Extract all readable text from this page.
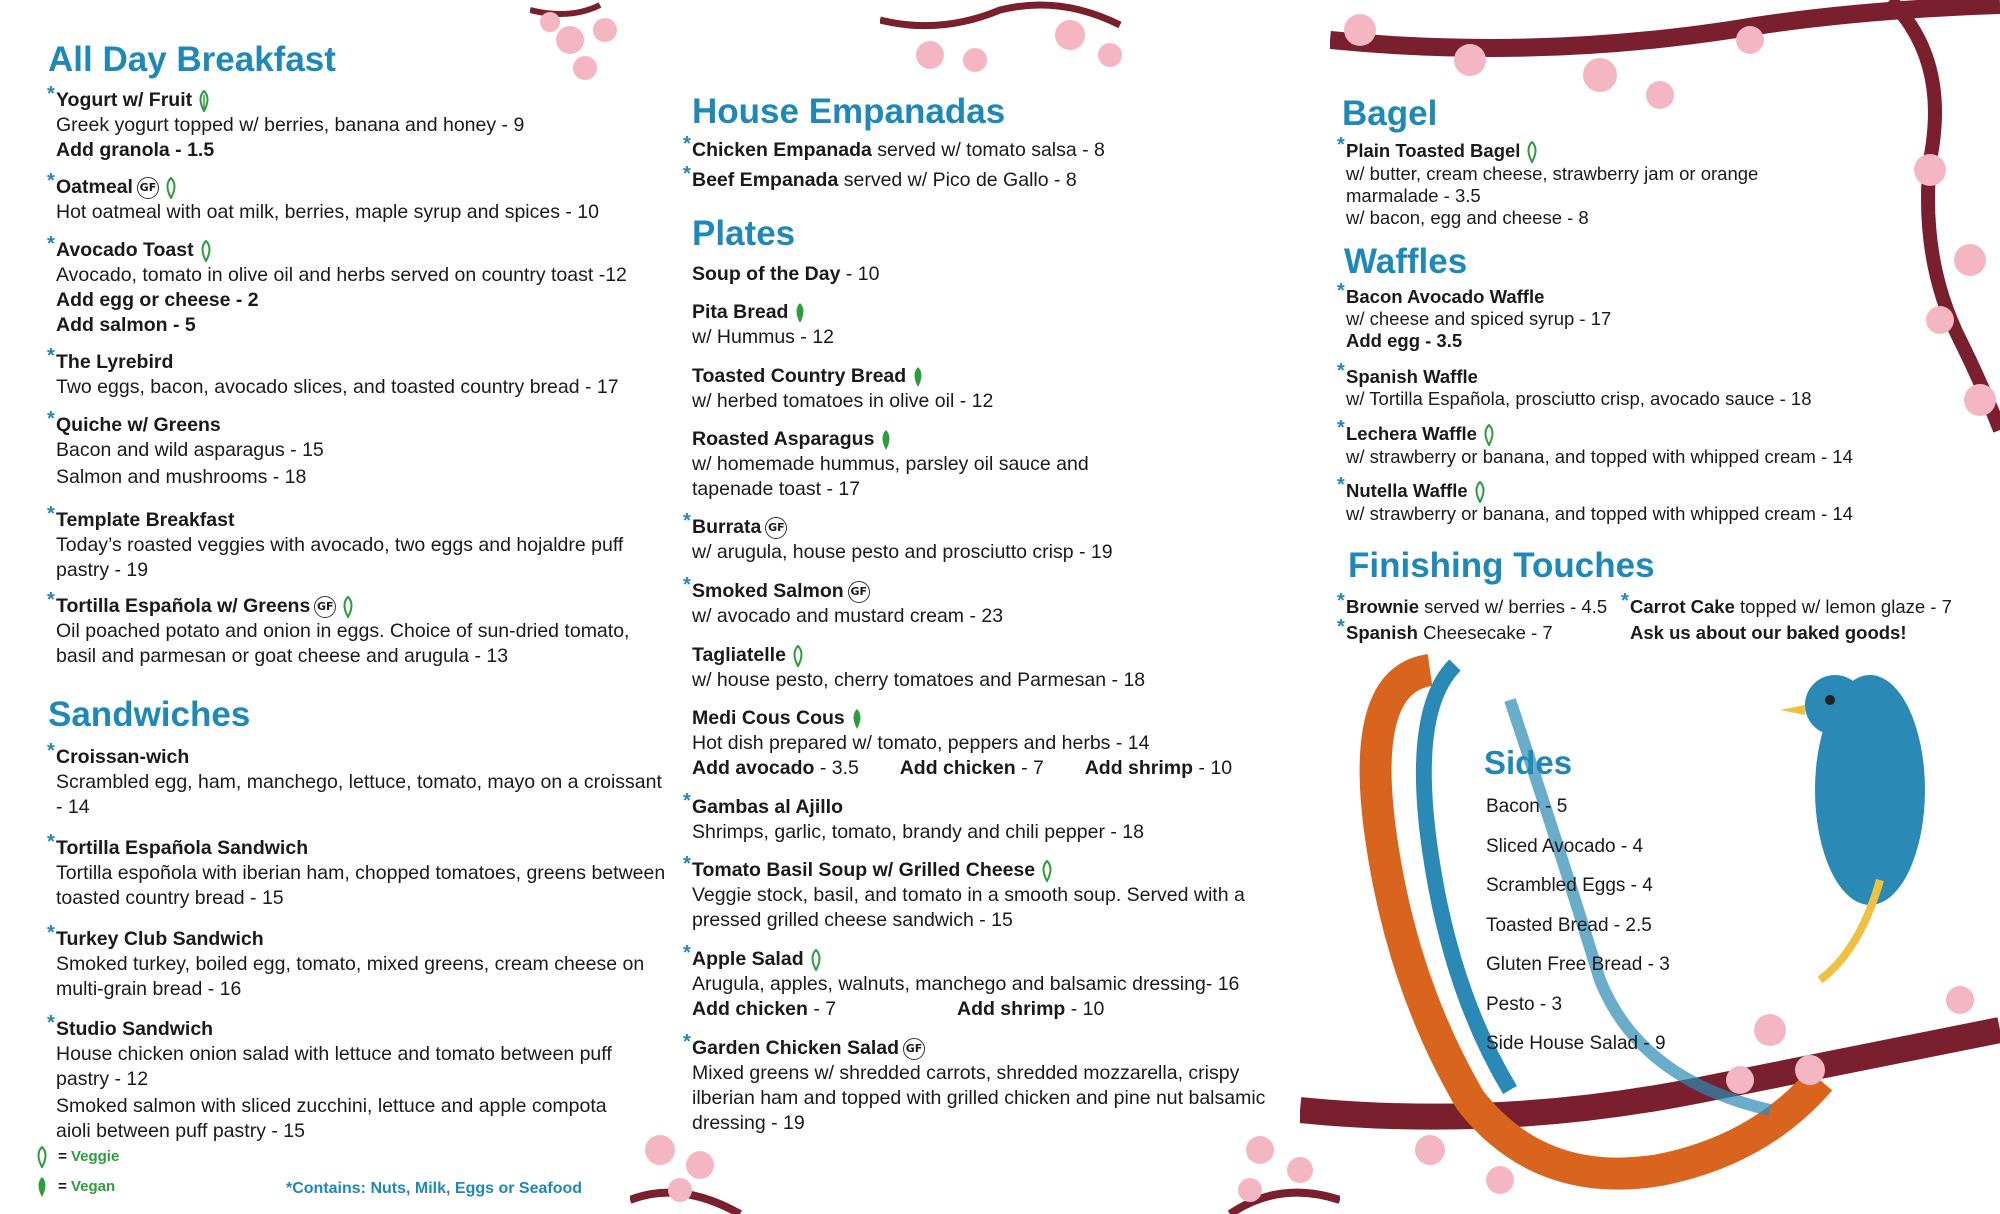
All Day Breakfast
* Yogurt w/ Fruit
Greek yogurt topped w/ berries, banana and honey - 9
Add granola - 1.5
* Oatmeal GF
Hot oatmeal with oat milk, berries, maple syrup and spices - 10
* Avocado Toast
Avocado, tomato in olive oil and herbs served on country toast -12
Add egg or cheese - 2
Add salmon - 5
* The Lyrebird
Two eggs, bacon, avocado slices, and toasted country bread - 17
* Quiche w/ Greens
Bacon and wild asparagus - 15
Salmon and mushrooms - 18
* Template Breakfast
Today’s roasted veggies with avocado, two eggs and hojaldre puff
pastry - 19
* Tortilla Española w/ Greens GF
Oil poached potato and onion in eggs. Choice of sun-dried tomato,
basil and parmesan or goat cheese and arugula - 13
Sandwiches
* Croissan-wich
Scrambled egg, ham, manchego, lettuce, tomato, mayo on a croissant
- 14
* Tortilla Española Sandwich
Tortilla espoñola with iberian ham, chopped tomatoes, greens between
toasted country bread - 15
* Turkey Club Sandwich
Smoked turkey, boiled egg, tomato, mixed greens, cream cheese on
multi-grain bread - 16
* Studio Sandwich
House chicken onion salad with lettuce and tomato between puff
pastry - 12
Smoked salmon with sliced zucchini, lettuce and apple compota
aioli between puff pastry - 15
= Veggie
= Vegan	*Contains: Nuts, Milk, Eggs or Seafood
House Empanadas
* Chicken Empanada served w/ tomato salsa - 8
* Beef Empanada served w/ Pico de Gallo - 8
Plates
Soup of the Day - 10
Pita Bread
w/ Hummus - 12
Toasted Country Bread
w/ herbed tomatoes in olive oil - 12
Roasted Asparagus
w/ homemade hummus, parsley oil sauce and
tapenade toast - 17
* Burrata GF
w/ arugula, house pesto and prosciutto crisp - 19
* Smoked Salmon GF
w/ avocado and mustard cream - 23
Tagliatelle
w/ house pesto, cherry tomatoes and Parmesan - 18
Medi Cous Cous
Hot dish prepared w/ tomato, peppers and herbs - 14
Add avocado - 3.5 Add chicken - 7 Add shrimp - 10
* Gambas al Ajillo
Shrimps, garlic, tomato, brandy and chili pepper - 18
* Tomato Basil Soup w/ Grilled Cheese
Veggie stock, basil, and tomato in a smooth soup. Served with a
pressed grilled cheese sandwich - 15
* Apple Salad
Arugula, apples, walnuts, manchego and balsamic dressing- 16
Add chicken - 7	Add shrimp - 10
* Garden Chicken Salad GF
Mixed greens w/ shredded carrots, shredded mozzarella, crispy
ilberian ham and topped with grilled chicken and pine nut balsamic
dressing - 19
Bagel
* Plain Toasted Bagel
w/ butter, cream cheese, strawberry jam or orange
marmalade - 3.5
w/ bacon, egg and cheese - 8
Waffles
* Bacon Avocado Waffle
w/ cheese and spiced syrup - 17
Add egg - 3.5
* Spanish Waffle
w/ Tortilla Española, prosciutto crisp, avocado sauce - 18
* Lechera Waffle
w/ strawberry or banana, and topped with whipped cream - 14
* Nutella Waffle
w/ strawberry or banana, and topped with whipped cream - 14
Finishing Touches
* Brownie served w/ berries - 4.5
* Spanish Cheesecake - 7
* Carrot Cake topped w/ lemon glaze - 7
Ask us about our baked goods!
Sides
Bacon - 5
Sliced Avocado - 4
Scrambled Eggs - 4
Toasted Bread - 2.5
Gluten Free Bread - 3
Pesto - 3
Side House Salad - 9
